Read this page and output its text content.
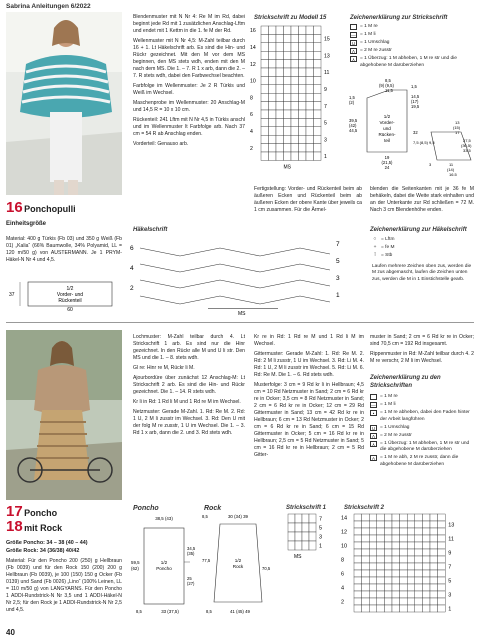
Sabrina Anleitungen 6/2022
16 Ponchopulli
Einheitsgröße

Material: 400 g Türkis (Fb 03) und 350 g Weiß (Fb 01) „Kalia“ (66% Baumwolle, 34% Polyamid, LL = 120 m/50 g) von AUSTERMANN. Je 1 PRYM-Häkel-N Nr 4 und 4,5.

37
1/2
Vorder- und
Rückenteil
60

Blendenmuster mit N Nr 4: Re M im Rd, dabei beginnt jede Rd mit 1 zusätzlichen Anschlag-Lftm und endet mit 1 Kettm in die 1. fe M der Rd.

Wellenmuster mit N Nr 4,5: M-Zahl teilbar durch 16 + 1. Lt Häkelschrift arb. Es sind die Hin- und Rückr gezeichnet. Mit den M vor dem MS beginnen, den MS stets wdh, enden mit den M nach dem MS. Die 1. – 7. R 1 x arb, dann die 2. – 7. R stets wdh, dabei den Farbwechsel beachten.

Farbfolge im Wellenmuster: Je 2 R Türkis und Weiß im Wechsel.

Maschenprobe im Wellenmuster: 20 Anschlag-M und 14,5 R = 10 x 10 cm.

Rückenteil: 241 Lftm mit N Nr 4,5 in Türkis anschl und im Wellenmuster lt Farbfolge arb. Nach 37 cm = 54 R ab Anschlag enden.

Vorderteil: Genauso arb.

Strickschrift zu Modell 15
16
15
14
13
12
11
10
9
8
7
6
5
4
3
2
1
MS
Zeichenerklärung zur Strickschrift
= 1 M re
— = 1 M li
U	= 1 Umschlag
Λ	= 2 M re zusstr
⋏	= 1 Überzug: 1 M abheben, 1 M re str und die abgehobene M darüberziehen
8,5
(9) (9,5)
11,5
1,5
14,5
(17)
19,5
1,5
(2)
39,5
(42)
44,5
1/2
Vorder-
und
Rücken-
teil
19
(21,5)
24
32
13
(15)
17
7,5 (8,5) 9,5	27,5
(30,5)
33,5
11
(14)
16,5
3

Fertigstellung: Vorder- und Rückenteil beim ab äußeren Ecken und Rückenteil beim ab äußeren Ecken der obere Kante über jeweils ca 1 cm zusammen. Für die Ärmel-

blenden die Seitenkanten mit je 36 fe M behäkeln, dabei die Weite stark einhalten und an der Unterkante zur Rd schließen = 72 M. Nach 3 cm Blendenhöhe enden.

Häkelschrift
6
4
2
7
5
3
1
MS
Zeichenerklärung zur Häkelschrift
○ = Lftm
+ = fe M
⊺ = Stb
Laufen mehrere Zeichen oben zus, werden die M zus abgemascht, laufen die Zeichen unten zus, werden die M in 1 Einstichstelle gearb.
17 Poncho
18 mit Rock
Größe Poncho: 34 – 38 (40 – 44)
Größe Rock: 34 (36/38) 40/42

Material: Für den Poncho 200 (250) g Hellbraun (Fb 0039) und für den Rock 150 (200) 200 g Hellbraun (Fb 0039), je 100 (150) 150 g Ocker (Fb 0139) und Sand (Fb 0026) „Lino“ (100% Leinen, LL = 110 m/50 g) von LANGYARNS. Für den Poncho 1 ADDI-Rundstrick-N Nr 3,5 und 1 ADDI-Häkel-N Nr 2,5; für den Rock je 1 ADDI-Rundstrick-N Nr 2,5 und 4,5.

Lochmuster: M-Zahl teilbar durch 4. Lt Strickschrift 1 arb. Es sind nur die Hinr gezeichnet. In den Rückr alle M und U li str. Den MS und die 1. – 8. stets wdh.

Gl re: Hinr re M, Rückr li M.

Ajourbordüre über zunächst 12 Anschlag-M: Lt Strickschrift 2 arb. Es sind die Hin- und Rückr gezeichnet. Die 1. – 14. R stets wdh.

Kr li in Rd: 1 Rd li M und 1 Rd re M im Wechsel.

Netzmuster: Gerade M-Zahl. 1. Rd: Re M. 2. Rd: 1 U, 2 M li zusstr im Wechsel. 3. Rd: Den U mit der folg M re zusstr, 1 U im Wechsel. Die 1. – 3. Rd 1 x arb, dann die 2. und 3. Rd stets wdh.

Kr re in Rd: 1 Rd re M und 1 Rd li M im Wechsel.

Gittermuster: Gerade M-Zahl: 1. Rd: Re M. 2. Rd: 2 M li zusstr, 1 U im Wechsel. 3. Rd: Li M. 4. Rd: 1 U, 2 M li zusstr im Wechsel. 5. Rd: Li M. 6. Rd: Re M. Die 1. – 6. Rd stets wdh.

Musterfolge: 3 cm = 9 Rd kr li in Hellbraun; 4,5 cm = 10 Rd Netzmuster in Sand; 2 cm = 6 Rd kr re in Ocker; 3,5 cm = 8 Rd Netzmuster in Sand; 2 cm = 6 Rd kr re in Ocker; 12 cm = 29 Rd Gittermuster in Sand; 13 cm = 42 Rd kr re in Hellbraun; 6 cm = 13 Rd Netzmuster in Ocker; 2 cm = 6 Rd kr re in Sand; 6 cm = 15 Rd Gittermuster in Ocker; 5 cm = 16 Rd kr re in Hellbraun; 2,5 cm = 5 Rd Netzmuster in Sand; 5 cm = 16 Rd kr re in Hellbraun; 2 cm = 5 Rd Gitter-

muster in Sand; 2 cm = 6 Rd kr re in Ocker; sind 70,5 cm = 192 Rd insgesamt.

Rippenmuster in Rd: M-Zahl teilbar durch 4. 2 M re verschr, 2 M li im Wechsel.

Zeichenerklärung zu den Strickschriften
= 1 M re
— = 1 M li
•	= 1 M re abheben, dabei den Faden hinter der Arbeit langführen
U	= 1 Umschlag
Λ	= 2 M re zusstr
⋏	= 1 Überzug: 1 M abheben, 1 M re str und die abgehobene M darüberziehen
A	= 1 M re abh, 2 M re zusstr, dann die abgehobene M darüberziehen
Poncho
38,5 (43)
59,5
(62)
1/2
Poncho
34,5
(35)
25
(27)
33 (37,5)
8,5
Rock
30 (34) 39
8,5
1/2
Rock
77,5
70,5
41 (45) 49
8,5
Strickschrift 1
7
5
3
1
MS
Strickschrift 2
14
12
10
8
6
4
2
13
11
9
7
5
3
1
40
